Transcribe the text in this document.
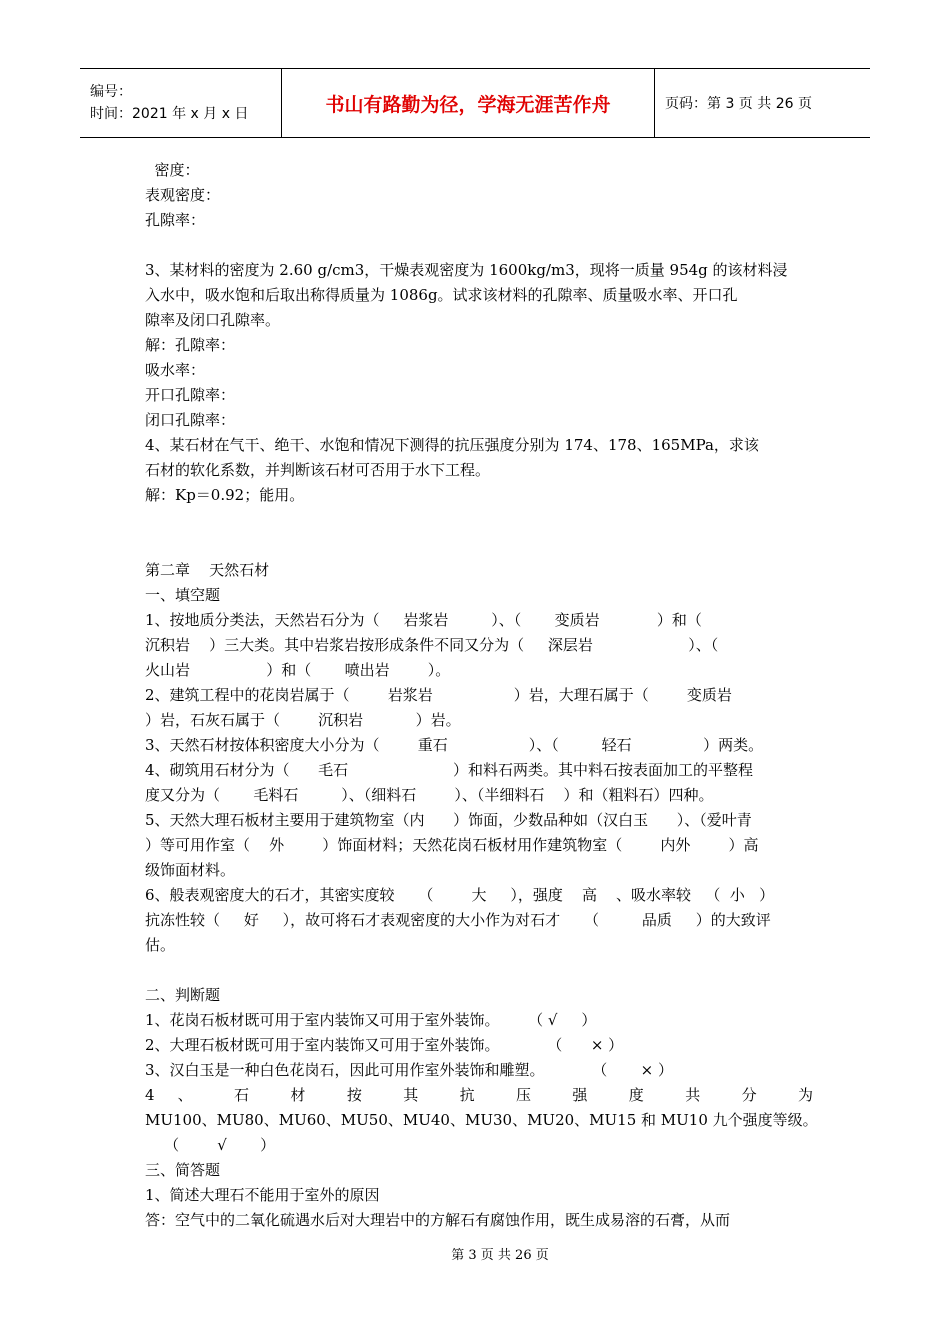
编号：
时间：2021 年 x 月 x 日	书山有路勤为径，学海无涯苦作舟	页码：第 3 页 共 26 页
密度：
表观密度：
孔隙率：
3、某材料的密度为 2.60 g/cm3，干燥表观密度为 1600kg/m3，现将一质量 954g 的该材料浸
入水中，吸水饱和后取出称得质量为 1086g。试求该材料的孔隙率、质量吸水率、开口孔
隙率及闭口孔隙率。
解：孔隙率：
吸水率：
开口孔隙率：
闭口孔隙率：
4、某石材在气干、绝干、水饱和情况下测得的抗压强度分别为 174、178、165MPa，求该
石材的软化系数，并判断该石材可否用于水下工程。
解：Kp＝0.92；能用。
第二章    天然石材
一、填空题
1、按地质分类法，天然岩石分为（     岩浆岩         ）、（       变质岩            ）和（
沉积岩    ）三大类。其中岩浆岩按形成条件不同又分为（     深层岩                    ）、（
火山岩                ）和（       喷出岩        ）。
2、建筑工程中的花岗岩属于（        岩浆岩                 ）岩，大理石属于（        变质岩
）岩，石灰石属于（        沉积岩           ）岩。
3、天然石材按体积密度大小分为（        重石                 ）、（         轻石               ）两类。
4、砌筑用石材分为（      毛石                      ）和料石两类。其中料石按表面加工的平整程
度又分为（       毛料石         ）、（细料石        ）、（半细料石    ）和（粗料石）四种。
5、天然大理石板材主要用于建筑物室（内      ）饰面，少数品种如（汉白玉      ）、（爱叶青
）等可用作室（    外        ）饰面材料；天然花岗石板材用作建筑物室（        内外        ）高
级饰面材料。
6、般表观密度大的石才，其密实度较     （        大     ），强度    高    、吸水率较   （  小   ）
抗冻性较（     好     ），故可将石才表观密度的大小作为对石才     （         品质     ）的大致评
估。
二、判断题
1、花岗石板材既可用于室内装饰又可用于室外装饰。      （ √     ）
2、大理石板材既可用于室内装饰又可用于室外装饰。          （      × ）
3、汉白玉是一种白色花岗石，因此可用作室外装饰和雕塑。          （       × ）
4 、 石 材 按 其 抗 压 强 度 共 分 为
MU100、MU80、MU60、MU50、MU40、MU30、MU20、MU15 和 MU10 九个强度等级。
（        √       ）
三、简答题
1、简述大理石不能用于室外的原因
答：空气中的二氧化硫遇水后对大理岩中的方解石有腐蚀作用，既生成易溶的石膏，从而
第 3 页 共 26 页
